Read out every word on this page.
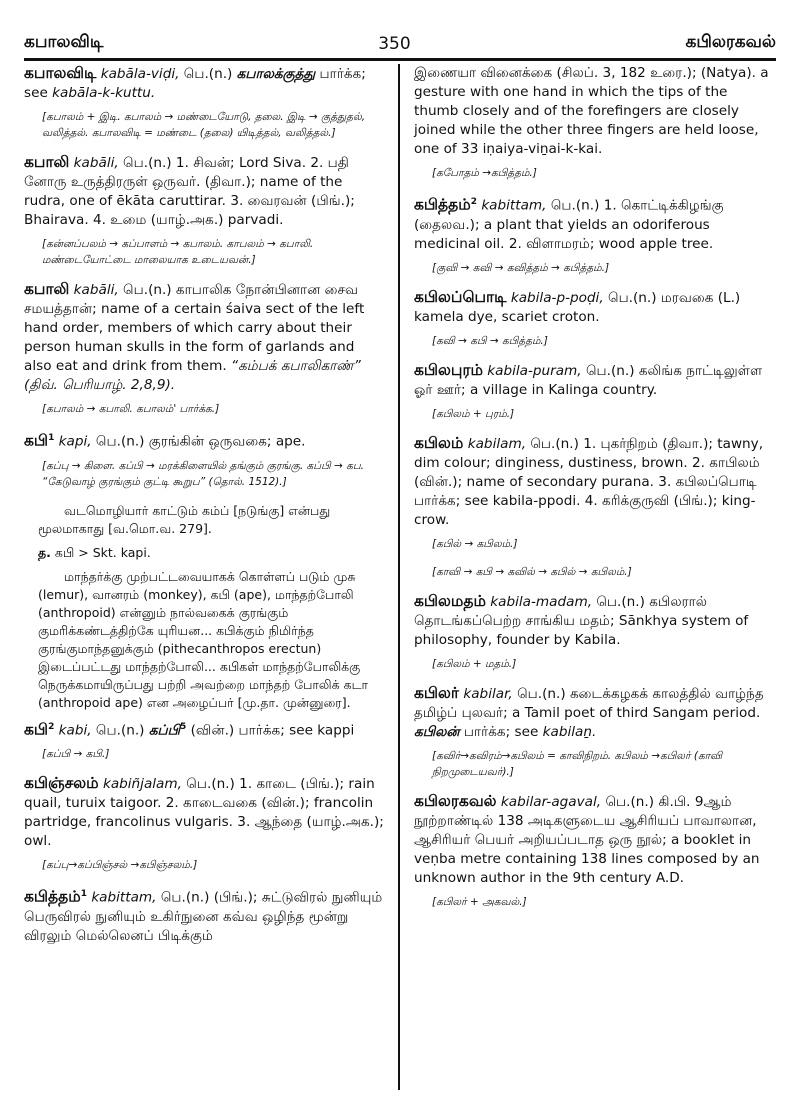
கபாலவிடி	350	கபிலரகவல்

கபாலவிடி kabāla-viḍi, பெ.(n.) கபாலக்குத்து பார்க்க; see kabāla-k-kuttu.

[கபாலம் + இடி. கபாலம் → மண்டையோடு, தலை. இடி → குத்துதல், வலித்தல். கபாலவிடி = மண்டை (தலை) யிடித்தல், வலித்தல்.]

கபாலி kabāli, பெ.(n.) 1. சிவன்; Lord Siva. 2. பதி னோரு உருத்திரருள் ஒருவர். (திவா.); name of the rudra, one of ēkāta caruttirar. 3. வைரவன் (பிங்.); Bhairava. 4. உமை (யாழ்.அக.) parvadi.

[கன்னப்பலம் → கப்பாளம் → கபாலம். காபலம் → கபாலி. மண்டையோட்டை மாலையாக உடையவன்.]

கபாலி kabāli, பெ.(n.) காபாலிக நோன்பினான சைவ சமயத்தான்; name of a certain śaiva sect of the left hand order, members of which carry about their person human skulls in the form of garlands and also eat and drink from them. “கம்பக் கபாலிகாண்” (திவ். பெரியாழ். 2,8,9).

[கபாலம் → கபாலி. கபாலம்' பார்க்க.]

கபி$^1$ kapi, பெ.(n.) குரங்கின் ஒருவகை; ape.

[கப்பு → கிளை. கப்பி → மரக்கிளையில் தங்கும் குரங்கு. கப்பி → கப. “கேடுவாழ் குரங்கும் குட்டி கூறுப” (தொல். 1512).]
வடமொழியார் காட்டும் கம்ப் [நடுங்கு] என்பது மூலமாகாது [வ.மொ.வ. 279].
த. கபி > Skt. kapi.
மாந்தர்க்கு முற்பட்டவையாகக் கொள்ளப் படும் முசு (lemur), வானரம் (monkey), கபி (ape), மாந்தற்போலி (anthropoid) என்னும் நால்வகைக் குரங்கும் குமரிக்கண்டத்திற்கே யுரியன... கபிக்கும் நிமிர்ந்த குரங்குமாந்தனுக்கும் (pithecanthropos erectun) இடைப்பட்டது மாந்தற்போலி... கபிகள் மாந்தற்போலிக்கு நெருக்கமாயிருப்பது பற்றி அவற்றை மாந்தற் போலிக் கடா (anthropoid ape) என அழைப்பர் [மு.தா. முன்னுரை].

கபி$^2$ kabi, பெ.(n.) கப்பி$^5$ (வின்.) பார்க்க; see kappi

[கப்பி → கபி.]

கபிஞ்சலம் kabiñjalam, பெ.(n.) 1. காடை (பிங்.); rain quail, turuix taigoor. 2. காடைவகை (வின்.); francolin partridge, francolinus vulgaris. 3. ஆந்தை (யாழ்.அக.); owl.

[கப்பு→கப்பிஞ்சல் →கபிஞ்சலம்.]

கபித்தம்$^1$ kabittam, பெ.(n.) (பிங்.); சுட்டுவிரல் நுனியும் பெருவிரல் நுனியும் உகிர்நுனை கவ்வ ஒழிந்த மூன்று விரலும் மெல்லெனப் பிடிக்கும்

இணையா வினைக்கை (சிலப். 3, 182 உரை.); (Natya). a gesture with one hand in which the tips of the thumb closely and of the forefingers are closely joined while the other three fingers are held loose, one of 33 iṇaiya-viṉai-k-kai.

[கபோதம் →கபித்தம்.]

கபித்தம்$^2$ kabittam, பெ.(n.) 1. கொட்டிக்கிழங்கு (தைலவ.); a plant that yields an odoriferous medicinal oil. 2. விளாமரம்; wood apple tree.

[குவி → கவி → கவித்தம் → கபித்தம்.]

கபிலப்பொடி kabila-p-poḍi, பெ.(n.) மரவகை (L.) kamela dye, scariet croton.

[கவி → கபி → கபித்தம்.]

கபிலபுரம் kabila-puram, பெ.(n.) கலிங்க நாட்டிலுள்ள ஓர் ஊர்; a village in Kalinga country.

[கபிலம் + புரம்.]

கபிலம் kabilam, பெ.(n.) 1. புகர்நிறம் (திவா.); tawny, dim colour; dinginess, dustiness, brown. 2. காபிலம் (வின்.); name of secondary purana. 3. கபிலப்பொடி பார்க்க; see kabila-ppodi. 4. கரிக்குருவி (பிங்.); king-crow.

[கபில் → கபிலம்.]
[காவி → கபி → கவில் → கபில் → கபிலம்.]

கபிலமதம் kabila-madam, பெ.(n.) கபிலரால் தொடங்கப்பெற்ற சாங்கிய மதம்; Sānkhya system of philosophy, founder by Kabila.

[கபிலம் + மதம்.]

கபிலர் kabilar, பெ.(n.) கடைக்கழகக் காலத்தில் வாழ்ந்த தமிழ்ப் புலவர்; a Tamil poet of third Sangam period. கபிலன் பார்க்க; see kabilaṉ.

[கவிர்→கவிரம்→கபிலம் = காவிநிறம். கபிலம் →கபிலர் (காவி நிறமுடையவர்).]

கபிலரகவல் kabilar-agaval, பெ.(n.) கி.பி. 9ஆம் நூற்றாண்டில் 138 அடிகளுடைய ஆசிரியப் பாவாலான, ஆசிரியர் பெயர் அறியப்படாத ஒரு நூல்; a booklet in veṇba metre containing 138 lines composed by an unknown author in the 9th century A.D.

[கபிலர் + அகவல்.]
